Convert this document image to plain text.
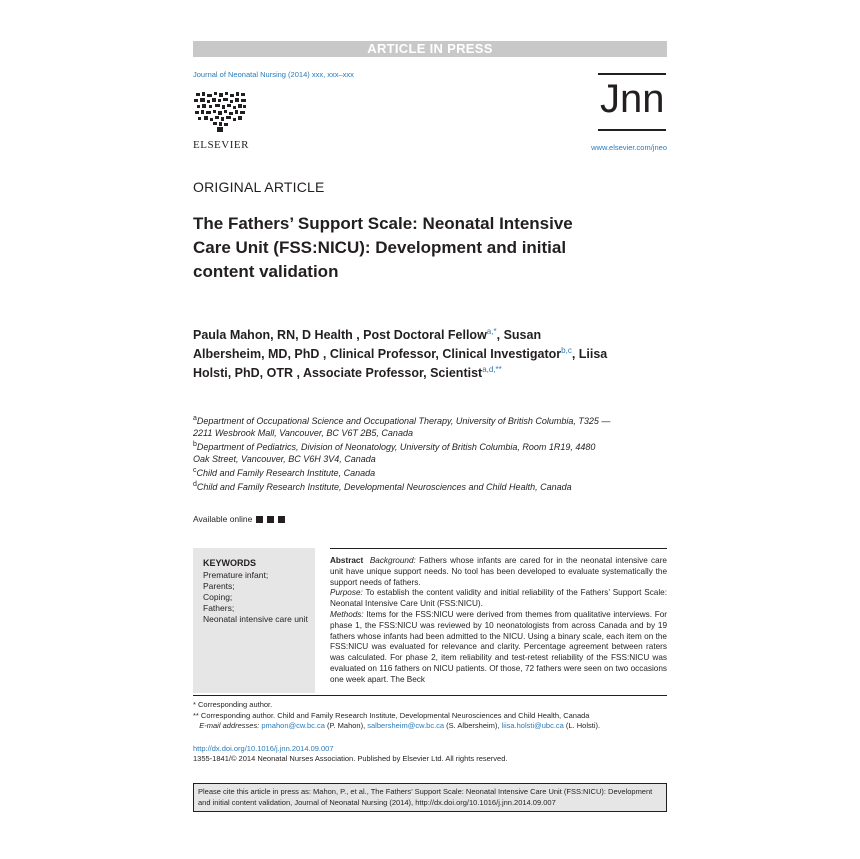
ARTICLE IN PRESS
Journal of Neonatal Nursing (2014) xxx, xxx–xxx
ELSEVIER
Jnn
www.elsevier.com/jneo
ORIGINAL ARTICLE
The Fathers’ Support Scale: Neonatal Intensive Care Unit (FSS:NICU): Development and initial content validation
Paula Mahon, RN, D Health , Post Doctoral Fellow$^{a,*}$, Susan Albersheim, MD, PhD , Clinical Professor, Clinical Investigator$^{b,c}$, Liisa Holsti, PhD, OTR , Associate Professor, Scientist$^{a,d,**}$
$^a$Department of Occupational Science and Occupational Therapy, University of British Columbia, T325 — 2211 Wesbrook Mall, Vancouver, BC V6T 2B5, Canada
$^b$Department of Pediatrics, Division of Neonatology, University of British Columbia, Room 1R19, 4480 Oak Street, Vancouver, BC V6H 3V4, Canada
$^c$Child and Family Research Institute, Canada
$^d$Child and Family Research Institute, Developmental Neurosciences and Child Health, Canada
Available online
KEYWORDS
Premature infant;
Parents;
Coping;
Fathers;
Neonatal intensive care unit
Abstract Background: Fathers whose infants are cared for in the neonatal intensive care unit have unique support needs. No tool has been developed to evaluate systematically the support needs of fathers.
Purpose: To establish the content validity and initial reliability of the Fathers’ Support Scale: Neonatal Intensive Care Unit (FSS:NICU).
Methods: Items for the FSS:NICU were derived from themes from qualitative interviews. For phase 1, the FSS:NICU was reviewed by 10 neonatologists from across Canada and by 19 fathers whose infants had been admitted to the NICU. Using a binary scale, each item on the FSS:NICU was evaluated for relevance and clarity. Percentage agreement between raters was calculated. For phase 2, item reliability and test-retest reliability of the FSS:NICU was evaluated on 116 fathers on NICU patients. Of those, 72 fathers were seen on two occasions one week apart. The Beck
* Corresponding author.
** Corresponding author. Child and Family Research Institute, Developmental Neurosciences and Child Health, Canada
E-mail addresses: pmahon@cw.bc.ca (P. Mahon), salbersheim@cw.bc.ca (S. Albersheim), liisa.holsti@ubc.ca (L. Holsti).
http://dx.doi.org/10.1016/j.jnn.2014.09.007
1355-1841/© 2014 Neonatal Nurses Association. Published by Elsevier Ltd. All rights reserved.
Please cite this article in press as: Mahon, P., et al., The Fathers’ Support Scale: Neonatal Intensive Care Unit (FSS:NICU): Development and initial content validation, Journal of Neonatal Nursing (2014), http://dx.doi.org/10.1016/j.jnn.2014.09.007
